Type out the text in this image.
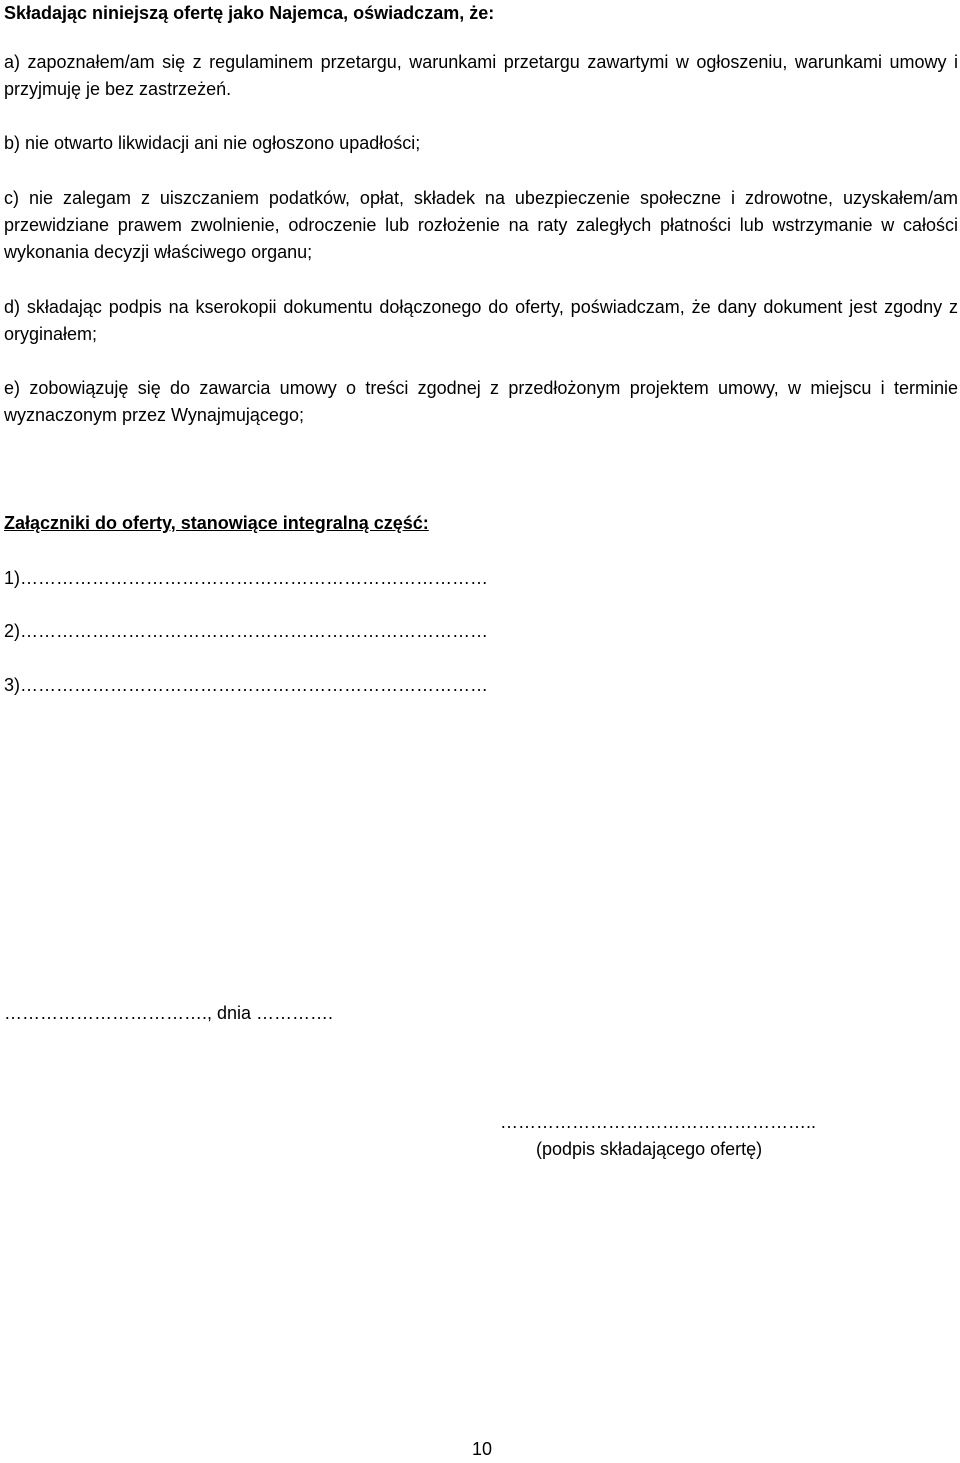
Składając niniejszą ofertę jako Najemca, oświadczam, że:
a) zapoznałem/am się z regulaminem przetargu, warunkami przetargu zawartymi w ogłoszeniu, warunkami umowy i przyjmuję je bez zastrzeżeń.
b) nie otwarto likwidacji ani nie ogłoszono upadłości;
c) nie zalegam z uiszczaniem podatków, opłat, składek na ubezpieczenie społeczne i zdrowotne, uzyskałem/am przewidziane prawem zwolnienie, odroczenie lub rozłożenie na raty zaległych płatności lub wstrzymanie w całości wykonania decyzji właściwego organu;
d) składając podpis na kserokopii dokumentu dołączonego do oferty, poświadczam, że dany dokument jest zgodny z oryginałem;
e) zobowiązuję się do zawarcia umowy o treści zgodnej z przedłożonym projektem umowy, w miejscu i terminie wyznaczonym przez Wynajmującego;
Załączniki do oferty, stanowiące integralną część:
1)……………………………………………………………………
2)……………………………………………………………………
3)……………………………………………………………………
……………………………., dnia ………….
……………………………………………..
(podpis składającego ofertę)
10
